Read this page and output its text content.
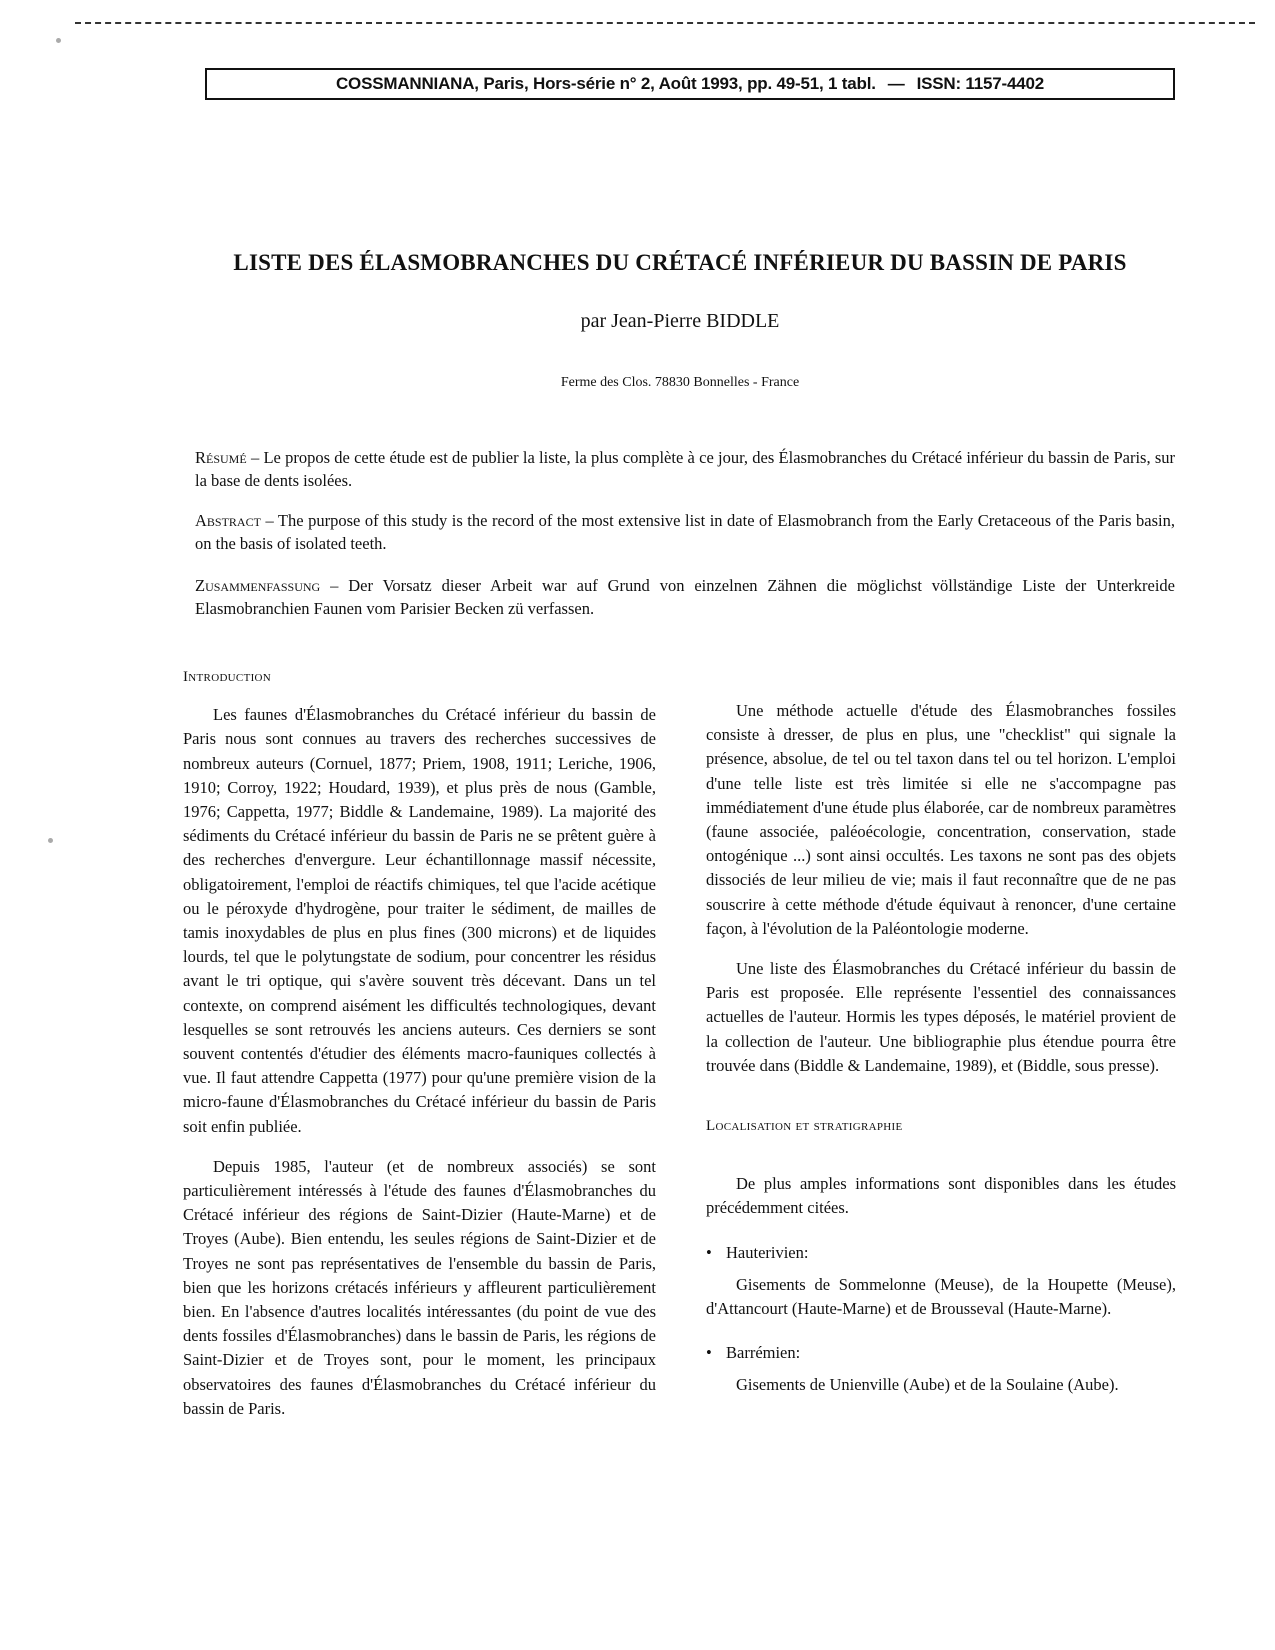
COSSMANNIANA, Paris, Hors-série n° 2, Août 1993, pp. 49-51, 1 tabl. — ISSN: 1157-4402
LISTE DES ÉLASMOBRANCHES DU CRÉTACÉ INFÉRIEUR DU BASSIN DE PARIS
par Jean-Pierre BIDDLE
Ferme des Clos. 78830 Bonnelles - France
Résumé – Le propos de cette étude est de publier la liste, la plus complète à ce jour, des Élasmobranches du Crétacé inférieur du bassin de Paris, sur la base de dents isolées.
Abstract – The purpose of this study is the record of the most extensive list in date of Elasmobranch from the Early Cretaceous of the Paris basin, on the basis of isolated teeth.
Zusammenfassung – Der Vorsatz dieser Arbeit war auf Grund von einzelnen Zähnen die möglichst völlständige Liste der Unterkreide Elasmobranchien Faunen vom Parisier Becken zü verfassen.
Introduction

Les faunes d'Élasmobranches du Crétacé inférieur du bassin de Paris nous sont connues au travers des recherches successives de nombreux auteurs (Cornuel, 1877; Priem, 1908, 1911; Leriche, 1906, 1910; Corroy, 1922; Houdard, 1939), et plus près de nous (Gamble, 1976; Cappetta, 1977; Biddle & Landemaine, 1989). La majorité des sédiments du Crétacé inférieur du bassin de Paris ne se prêtent guère à des recherches d'envergure. Leur échantillonnage massif nécessite, obligatoirement, l'emploi de réactifs chimiques, tel que l'acide acétique ou le péroxyde d'hydrogène, pour traiter le sédiment, de mailles de tamis inoxydables de plus en plus fines (300 microns) et de liquides lourds, tel que le polytungstate de sodium, pour concentrer les résidus avant le tri optique, qui s'avère souvent très décevant. Dans un tel contexte, on comprend aisément les difficultés technologiques, devant lesquelles se sont retrouvés les anciens auteurs. Ces derniers se sont souvent contentés d'étudier des éléments macro-fauniques collectés à vue. Il faut attendre Cappetta (1977) pour qu'une première vision de la micro-faune d'Élasmobranches du Crétacé inférieur du bassin de Paris soit enfin publiée.

Depuis 1985, l'auteur (et de nombreux associés) se sont particulièrement intéressés à l'étude des faunes d'Élasmobranches du Crétacé inférieur des régions de Saint-Dizier (Haute-Marne) et de Troyes (Aube). Bien entendu, les seules régions de Saint-Dizier et de Troyes ne sont pas représentatives de l'ensemble du bassin de Paris, bien que les horizons crétacés inférieurs y affleurent particulièrement bien. En l'absence d'autres localités intéressantes (du point de vue des dents fossiles d'Élasmobranches) dans le bassin de Paris, les régions de Saint-Dizier et de Troyes sont, pour le moment, les principaux observatoires des faunes d'Élasmobranches du Crétacé inférieur du bassin de Paris.

Une méthode actuelle d'étude des Élasmobranches fossiles consiste à dresser, de plus en plus, une "checklist" qui signale la présence, absolue, de tel ou tel taxon dans tel ou tel horizon. L'emploi d'une telle liste est très limitée si elle ne s'accompagne pas immédiatement d'une étude plus élaborée, car de nombreux paramètres (faune associée, paléoécologie, concentration, conservation, stade ontogénique ...) sont ainsi occultés. Les taxons ne sont pas des objets dissociés de leur milieu de vie; mais il faut reconnaître que de ne pas souscrire à cette méthode d'étude équivaut à renoncer, d'une certaine façon, à l'évolution de la Paléontologie moderne.

Une liste des Élasmobranches du Crétacé inférieur du bassin de Paris est proposée. Elle représente l'essentiel des connaissances actuelles de l'auteur. Hormis les types déposés, le matériel provient de la collection de l'auteur. Une bibliographie plus étendue pourra être trouvée dans (Biddle & Landemaine, 1989), et (Biddle, sous presse).

Localisation et stratigraphie

De plus amples informations sont disponibles dans les études précédemment citées.

• Hauterivien:

Gisements de Sommelonne (Meuse), de la Houpette (Meuse), d'Attancourt (Haute-Marne) et de Brousseval (Haute-Marne).

• Barrémien:

Gisements de Unienville (Aube) et de la Soulaine (Aube).
